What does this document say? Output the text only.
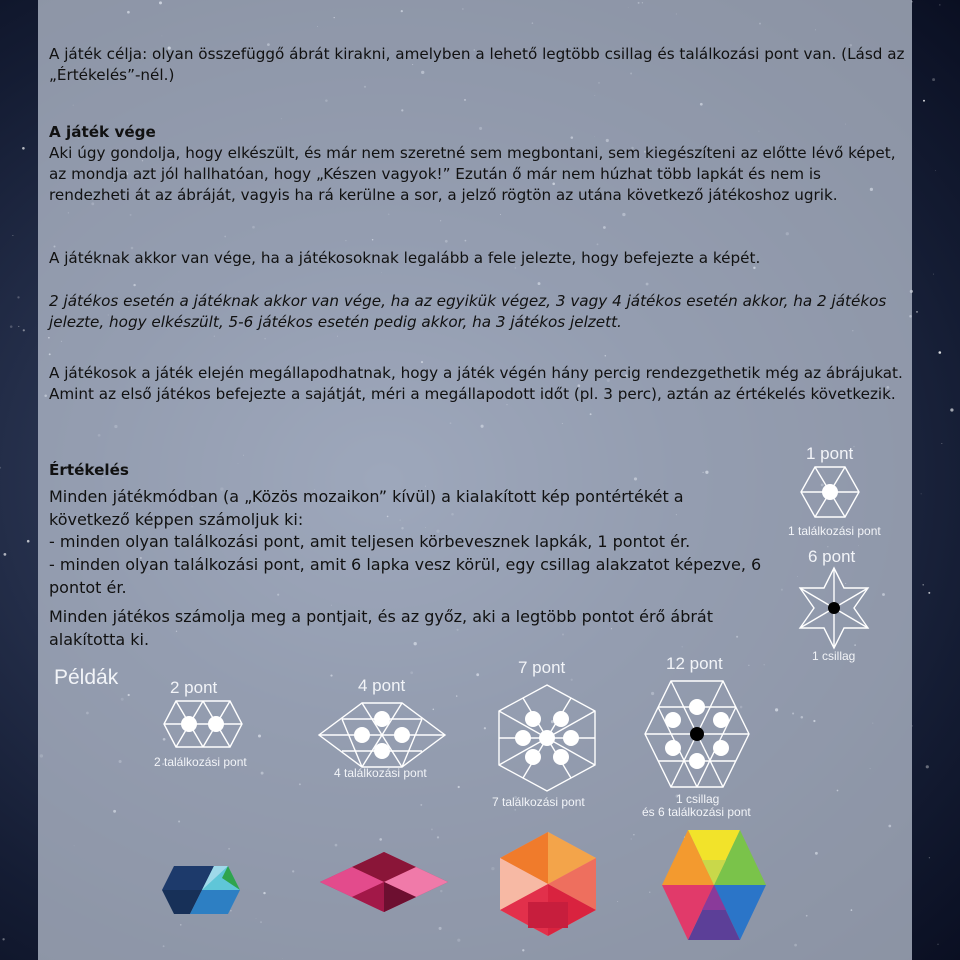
A játék célja: olyan összefüggő ábrát kirakni, amelyben a lehető legtöbb csillag és találkozási pont van. (Lásd az „Értékelés”-nél.)

A játék vége

Aki úgy gondolja, hogy elkészült, és már nem szeretné sem megbontani, sem kiegészíteni az előtte lévő képet, az mondja azt jól hallhatóan, hogy „Készen vagyok!” Ezután ő már nem húzhat több lapkát és nem is rendezheti át az ábráját, vagyis ha rá kerülne a sor, a jelző rögtön az utána következő játékoshoz ugrik.

A játéknak akkor van vége, ha a játékosoknak legalább a fele jelezte, hogy befejezte a képét.

2 játékos esetén a játéknak akkor van vége, ha az egyikük végez, 3 vagy 4 játékos esetén akkor, ha 2 játékos jelezte, hogy elkészült, 5-6 játékos esetén pedig akkor, ha 3 játékos jelzett.

A játékosok a játék elején megállapodhatnak, hogy a játék végén hány percig rendezgethetik még az ábrájukat. Amint az első játékos befejezte a sajátját, méri a megállapodott időt (pl. 3 perc), aztán az értékelés következik.

Értékelés

Minden játékmódban (a „Közös mozaikon” kívül) a kialakított kép pontértékét a következő képpen számoljuk ki:

- minden olyan találkozási pont, amit teljesen körbevesznek lapkák, 1 pontot ér.

- minden olyan találkozási pont, amit 6 lapka vesz körül, egy csillag alakzatot képezve, 6 pontot ér.

Minden játékos számolja meg a pontjait, és az győz, aki a legtöbb pontot érő ábrát alakította ki.

1 pont
1 találkozási pont
6 pont
1 csillag
Példák	2 pont	4 pont
7 pont	12 pont
2 találkozási pont
4 találkozási pont
7 találkozási pont	1 csillag
és 6 találkozási pont
